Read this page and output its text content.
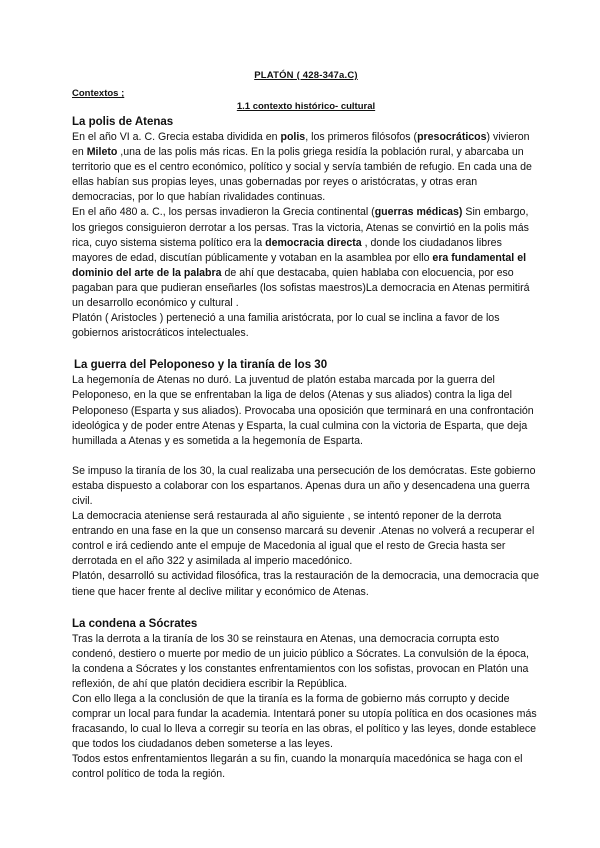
PLATÓN ( 428-347a.C)
Contextos ;
1.1 contexto histórico- cultural
La polis de Atenas

En el año VI a. C. Grecia estaba dividida en polis, los primeros filósofos (presocráticos) vivieron en Mileto ,una de las polis más ricas. En la polis griega residía la población rural, y abarcaba un territorio que es el centro económico, político y social y servía también de refugio. En cada una de ellas habían sus propias leyes, unas gobernadas por reyes o aristócratas, y otras eran democracias, por lo que habían rivalidades continuas.

En el año 480 a. C., los persas invadieron la Grecia continental (guerras médicas) Sin embargo, los griegos consiguieron derrotar a los persas. Tras la victoria, Atenas se convirtió en la polis más rica, cuyo sistema sistema político era la democracia directa , donde los ciudadanos libres mayores de edad, discutían públicamente y votaban en la asamblea por ello era fundamental el dominio del arte de la palabra de ahí que destacaba, quien hablaba con elocuencia, por eso pagaban para que pudieran enseñarles (los sofistas maestros)La democracia en Atenas permitirá un desarrollo económico y cultural .

Platón ( Aristocles ) perteneció a una familia aristócrata, por lo cual se inclina a favor de los gobiernos aristocráticos intelectuales.

La guerra del Peloponeso y la tiranía de los 30

La hegemonía de Atenas no duró. La juventud de platón estaba marcada por la guerra del Peloponeso, en la que se enfrentaban la liga de delos (Atenas y sus aliados) contra la liga del Peloponeso (Esparta y sus aliados). Provocaba una oposición que terminará en una confrontación ideológica y de poder entre Atenas y Esparta, la cual culmina con la victoria de Esparta, que deja humillada a Atenas y es sometida a la hegemonía de Esparta.

Se impuso la tiranía de los 30, la cual realizaba una persecución de los demócratas. Este gobierno estaba dispuesto a colaborar con los espartanos. Apenas dura un año y desencadena una guerra civil.

La democracia ateniense será restaurada al año siguiente , se intentó reponer de la derrota entrando en una fase en la que un consenso marcará su devenir .Atenas no volverá a recuperar el control e irá cediendo ante el empuje de Macedonia al igual que el resto de Grecia hasta ser derrotada en el año 322 y asimilada al imperio macedónico.

Platón, desarrolló su actividad filosófica, tras la restauración de la democracia, una democracia que tiene que hacer frente al declive militar y económico de Atenas.

La condena a Sócrates

Tras la derrota a la tiranía de los 30 se reinstaura en Atenas, una democracia corrupta esto condenó, destiero o muerte por medio de un juicio público a Sócrates. La convulsión de la época, la condena a Sócrates y los constantes enfrentamientos con los sofistas, provocan en Platón una reflexión, de ahí que platón decidiera escribir la República.

Con ello llega a la conclusión de que la tiranía es la forma de gobierno más corrupto y decide comprar un local para fundar la academia. Intentará poner su utopía política en dos ocasiones más fracasando, lo cual lo lleva a corregir su teoría en las obras, el político y las leyes, donde establece que todos los ciudadanos deben someterse a las leyes.

Todos estos enfrentamientos llegarán a su fin, cuando la monarquía macedónica se haga con el control político de toda la región.
